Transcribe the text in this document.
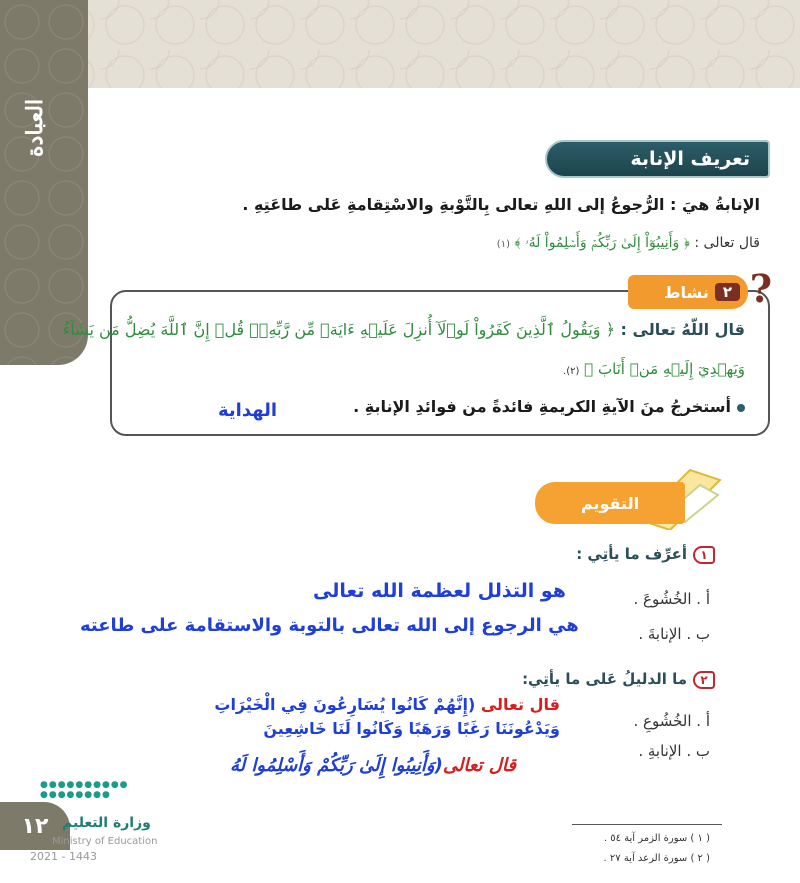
العبادة
تعريف الإنابة
الإنابةُ هيَ : الرُّجوعُ إلى اللهِ تعالى بِالتَّوْبةِ والاسْتِقامةِ عَلى طاعَتِهِ .
قال تعالى : ﴿ وَأَنِيبُوٓاْ إِلَىٰ رَبِّكُمۡ وَأَسۡلِمُواْ لَهُۥ ﴾ (١)
نشاط ٢ ?
قال اللّهُ تعالى : ﴿ وَيَقُولُ ٱلَّذِينَ كَفَرُواْ لَوۡلَآ أُنزِلَ عَلَيۡهِ ءَايَةٞ مِّن رَّبِّهِۦۚ قُلۡ إِنَّ ٱللَّهَ يُضِلُّ مَن يَشَآءُ
وَيَهۡدِيٓ إِلَيۡهِ مَنۡ أَنَابَ ﴾ (٢).
أستخرجُ منَ الآيةِ الكريمةِ فائدةً من فوائدِ الإنابةِ .
الهداية
التقويم
١أعرِّف ما يأتِي :
أ . الخُشُوعَ .
ب . الإنابةَ .
هو التذلل لعظمة الله تعالى
هي الرجوع إلى الله تعالى بالتوبة والاستقامة على طاعته
٢ما الدليلُ عَلى ما يأتِي:
أ . الخُشُوعِ .
ب . الإنابةِ .
قال تعالى (إِنَّهُمْ كَانُوا يُسَارِعُونَ فِي الْخَيْرَاتِ وَيَدْعُونَنَا رَغَبًا وَرَهَبًا وَكَانُوا لَنَا خَاشِعِينَ
قال تعالى(وَأَنِيبُوا إِلَىٰ رَبِّكُمْ وَأَسْلِمُوا لَهُ
١٢
●●●●●●●●●●
●●●●●●●●
وزارة التعليم
Ministry of Education
2021 - 1443
( ١ ) سورة الزمر آية ٥٤ .
( ٢ ) سورة الرعد آية ٢٧ .
